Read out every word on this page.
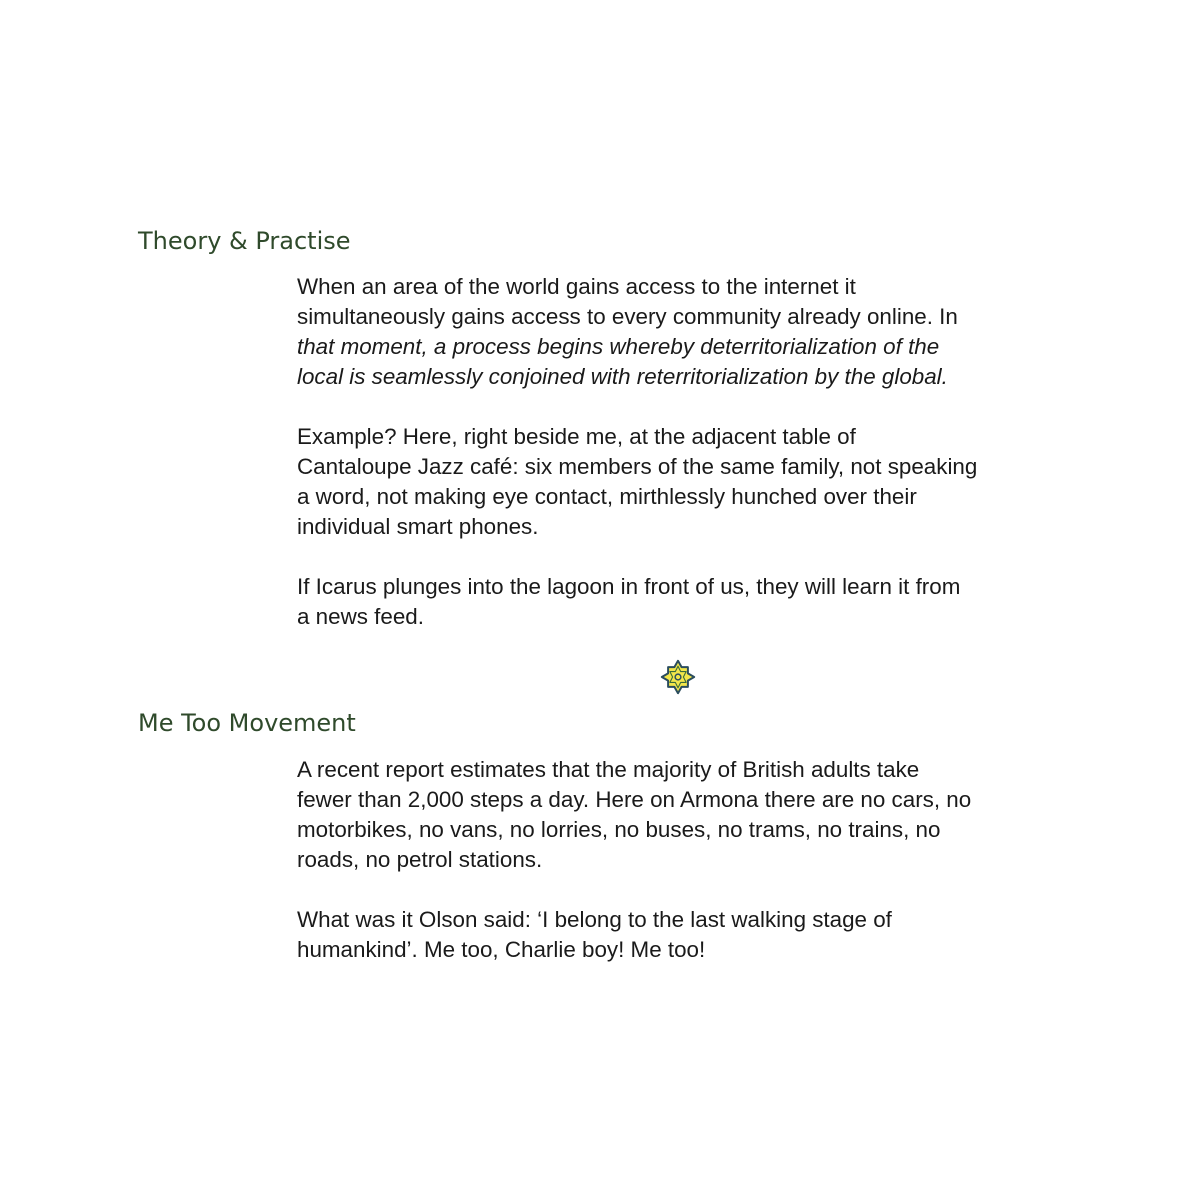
Theory & Practise
When an area of the world gains access to the internet it
simultaneously gains access to every community already online. In
that moment, a process begins whereby deterritorialization of the
local is seamlessly conjoined with reterritorialization by the global.
Example? Here, right beside me, at the adjacent table of
Cantaloupe Jazz café: six members of the same family, not speaking
a word, not making eye contact, mirthlessly hunched over their
individual smart phones.
If Icarus plunges into the lagoon in front of us, they will learn it from
a news feed.
Me Too Movement
A recent report estimates that the majority of British adults take
fewer than 2,000 steps a day. Here on Armona there are no cars, no
motorbikes, no vans, no lorries, no buses, no trams, no trains, no
roads, no petrol stations.
What was it Olson said: ‘I belong to the last walking stage of
humankind’. Me too, Charlie boy! Me too!
